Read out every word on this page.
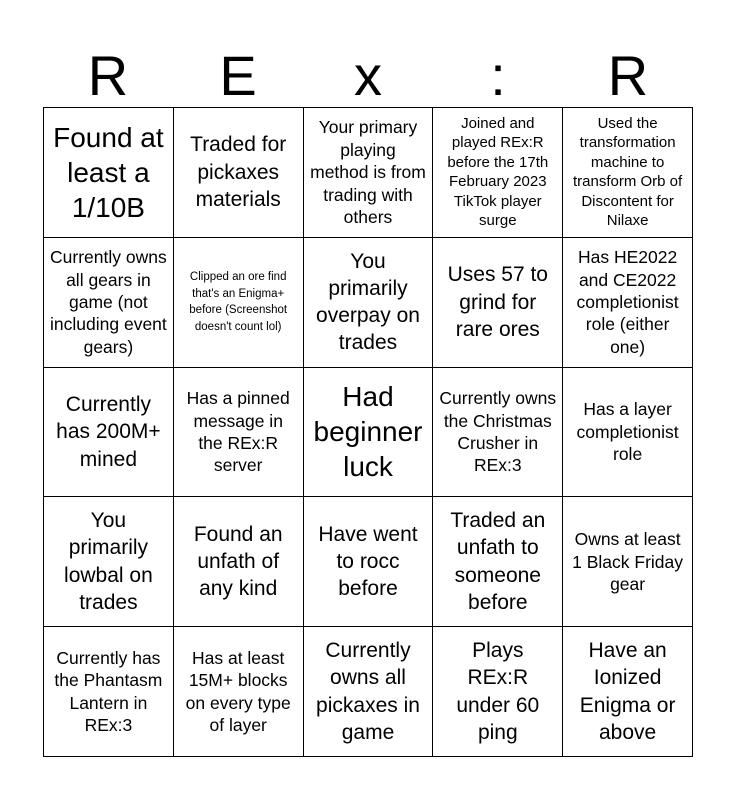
R	E	x	:	R
Found at least a 1/10B
Traded for pickaxes materials
Your primary playing method is from trading with others
Joined and played REx:R before the 17th February 2023 TikTok player surge
Used the transformation machine to transform Orb of Discontent for Nilaxe
Currently owns all gears in game (not including event gears)
Clipped an ore find that's an Enigma+ before (Screenshot doesn't count lol)
You primarily overpay on trades
Uses 57 to grind for rare ores
Has HE2022 and CE2022 completionist role (either one)
Currently has 200M+ mined
Has a pinned message in the REx:R server
Had beginner luck
Currently owns the Christmas Crusher in REx:3
Has a layer completionist role
You primarily lowbal on trades
Found an unfath of any kind
Have went to rocc before
Traded an unfath to someone before
Owns at least 1 Black Friday gear
Currently has the Phantasm Lantern in REx:3
Has at least 15M+ blocks on every type of layer
Currently owns all pickaxes in game
Plays REx:R under 60 ping
Have an Ionized Enigma or above
